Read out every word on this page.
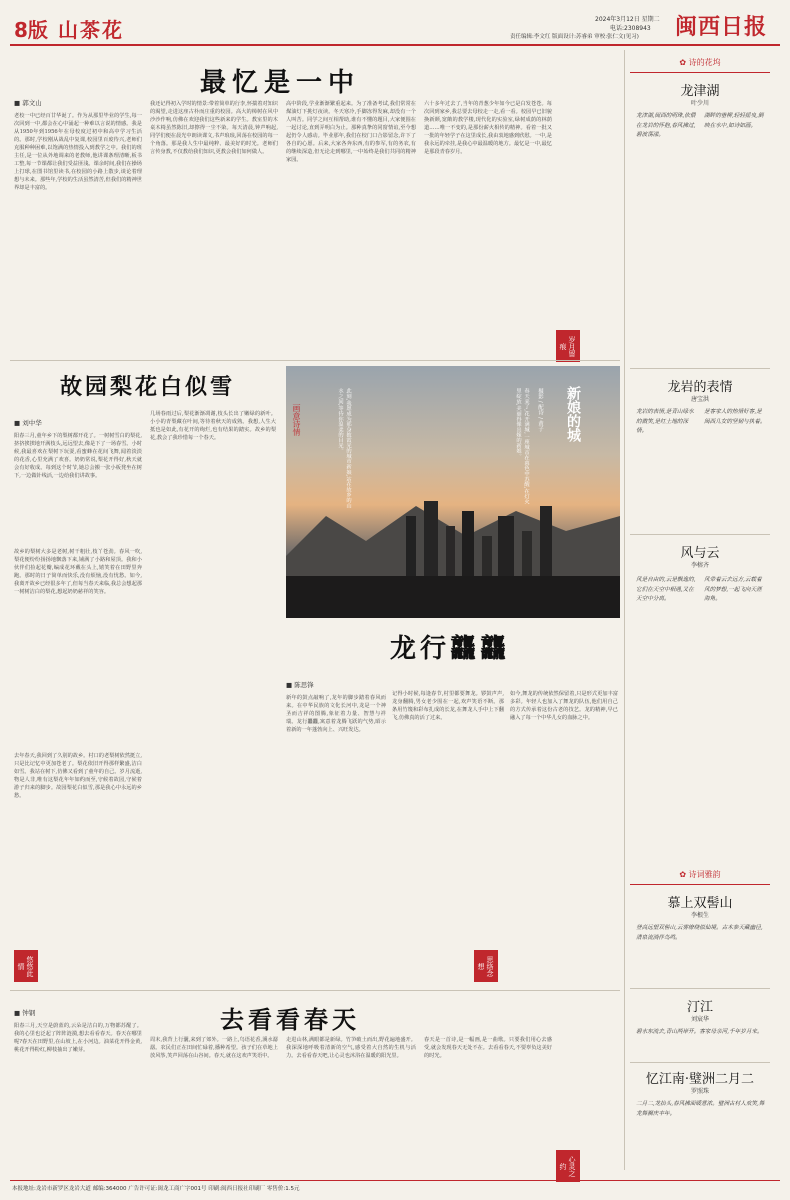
8版 山茶花	2024年3月12日 星期二
电话:2308943
责任编辑:李文红 版面设计:苏睿弟 审校:张仁文(见习) 闽西日报
最忆是一中
■ 郭文山
老校一中已经百廿华诞了。作为从那里毕业的学生,每一次回到一中,都会在心中涌起一种难以言说的情感。我是从1950年到1956年在母校度过初中和高中学习生活的。那时,学校刚从战乱中复课,校园里百废待兴,老师们克服种种困难,以饱满的热情投入到教学之中。我们的班主任,是一位从外地调来的老教师,他讲课条理清晰,板书工整,每一节课都让我们受益匪浅。课余时间,我们在操场上打球,在图书馆里读书,在校园的小路上散步,谈论着理想与未来。那些年,学校的生活虽然清苦,但我们的精神世界却是丰富的。
我还记得初入学时的情景:带着简单的行李,怀揣着对知识的渴望,走进这座古朴而庄重的校园。高大的樟树在风中沙沙作响,仿佛在欢迎我们这些新来的学生。教室里的木桌木椅虽然陈旧,却擦得一尘不染。每天清晨,钟声响起,同学们便在晨光中朗读课文,书声琅琅,回荡在校园的每一个角落。那是我人生中最纯粹、最美好的时光。老师们言传身教,不仅教给我们知识,更教会我们如何做人。
高中阶段,学业渐渐繁重起来。为了准备考试,我们常常在煤油灯下挑灯夜读。冬天寒冷,手脚冻得发麻,却没有一个人叫苦。同学之间互相帮助,谁有不懂的题目,大家便围在一起讨论,直到弄明白为止。那种真挚的同窗情谊,至今想起仍令人感动。毕业那年,我们在校门口合影留念,许下了各自的心愿。后来,大家各奔东西,有的参军,有的务农,有的继续深造,但无论走到哪里,一中始终是我们共同的精神家园。
六十多年过去了,当年的青葱少年如今已是白发苍苍。每次回到家乡,我总要去母校走一走,看一看。校园早已旧貌换新颜,宽敞的教学楼,现代化的实验室,绿树成荫的林荫道……唯一不变的,是那份薪火相传的精神。看着一批又一批的年轻学子在这里成长,我由衷地感到欣慰。一中,是我永远的牵挂,是我心中最温暖的地方。最忆是一中,最忆是那段青春岁月。
岁月留痕
故园梨花白似雪
■ 刘中华
阳春三月,童年乡下的梨树都开花了。一树树雪白的梨花,挤挤挨挨地开满枝头,远远望去,像是下了一场春雪。小时候,我最喜欢在梨树下玩耍,看蜜蜂在花间飞舞,闻着淡淡的花香,心里充满了欢喜。奶奶常说,梨花开得好,秋天就会有好收成。每到这个时节,她总会搬一张小板凳坐在树下,一边做针线活,一边给我们讲故事。
故乡的梨树大多是老树,树干粗壮,枝丫苍劲。春风一吹,梨花便纷纷扬扬地飘落下来,铺满了小路和屋顶。我和小伙伴们捡起花瓣,编成花环戴在头上,嬉笑着在田野里奔跑。那时的日子简单而快乐,没有烦恼,没有忧愁。如今,我离开故乡已经很多年了,但每当春天来临,我总会想起那一树树洁白的梨花,想起奶奶慈祥的笑容。
去年春天,我回到了久别的故乡。村口的老梨树依然挺立,只是比记忆中更加苍老了。梨花依旧开得那样繁盛,洁白如雪。我站在树下,仿佛又看到了童年的自己。岁月流逝,物是人非,唯有这梨花年年如约而至,守候着故园,守候着游子归来的脚步。故园梨花白似雪,那是我心中永远的乡愁。
几场春雨过后,梨花渐渐凋谢,枝头长出了嫩绿的新叶。小小的青梨藏在叶间,等待着秋天的成熟。我想,人生大抵也是如此,有花开的绚烂,也有结果的踏实。故乡的梨花,教会了我珍惜每一个春天。
悠悠此情
新娘的城
摄影 / 配诗 / 黄子
春天来了,花开满城,一座城市在暮色中苏醒,在灯火里绽放,美丽得像出嫁的新娘。
画意诗情	此刻,我愿成为那身披霞光的城市新娘,站在故乡的山水之间,等待你温柔的目光。
龙行龘龘
■ 陈思锋
新年的鼓点敲响了,龙年的脚步踏着春风而来。在中华民族的文化长河中,龙是一个神圣而吉祥的图腾,象征着力量、智慧与祥瑞。龙行龘龘,寓意着龙腾飞跃的气势,昭示着新的一年蓬勃向上、兴旺发达。
记得小时候,每逢春节,村里都要舞龙。锣鼓声声,龙身翻腾,男女老少围在一起,欢声笑语不断。那条用竹篾和彩布扎成的长龙,在舞龙人手中上下翻飞,仿佛真的活了过来。
如今,舞龙的传统依然保留着,只是形式更加丰富多彩。年轻人也加入了舞龙的队伍,他们用自己的方式传承着这份古老的技艺。龙的精神,早已融入了每一个中华儿女的血脉之中。
思络念想
去看看春天
■ 钟钢
阳春三月,天空是蔚蓝的,云朵是洁白的,万物都苏醒了。我的心里也泛起了阵阵涟漪,想去看看春天。春天在哪里呢?春天在田野里,在山坡上,在小河边。油菜花开得金黄,桃花开得粉红,柳枝抽出了嫩芽。
周末,我背上行囊,来到了郊外。一路上,鸟语花香,溪水潺潺。农民们正在田间忙碌着,播种希望。孩子们在草地上放风筝,笑声回荡在山谷间。春天,就在这欢声笑语中。
走进山林,满眼都是新绿。竹笋破土而出,野花遍地盛开。我深深地呼吸着清新的空气,感受着大自然的生机与活力。去看看春天吧,让心灵也沐浴在温暖的阳光里。
春天是一首诗,是一幅画,是一曲歌。只要我们用心去感受,就会发现春天无处不在。去看看春天,不要辜负这美好的时光。
心灵之约
✿ 诗的花坞
龙津湖
叶少川
龙津湖,闽西的明珠,依偎在龙岩的怀抱,春风拂过,碧波荡漾。
湖畔的垂柳,轻轻摇曳,倒映在水中,如诗如画。
龙岩的表情
唐宝洪
龙岩的表情,是青山绿水的微笑,是红土地的深情。
是客家人的热情好客,是闽西儿女的坚韧与执着。
风与云
李榕齐
风是自由的,云是飘逸的,它们在天空中相遇,又在天空中分离。
风带着云去远方,云载着风的梦想,一起飞向天涯海角。
✿ 诗词雅韵
慕上双髻山
李根生
登高远望双髻山,云雾缭绕似仙境。古木参天藏幽径,清泉流淌伴鸟鸣。
汀江
刘宸华
碧水东流去,青山两岸开。客家母亲河,千年岁月来。
忆江南·璧洲二月二
罗照珠
二月二,龙抬头,春风拂面暖意浓。璧洲古村人欢笑,舞龙舞狮庆丰年。
本报地址:龙岩市新罗区龙岩大道 邮编:364000 广告许可证:闽龙工商广字001号 印刷:闽西日报社印刷厂 零售价:1.5元
